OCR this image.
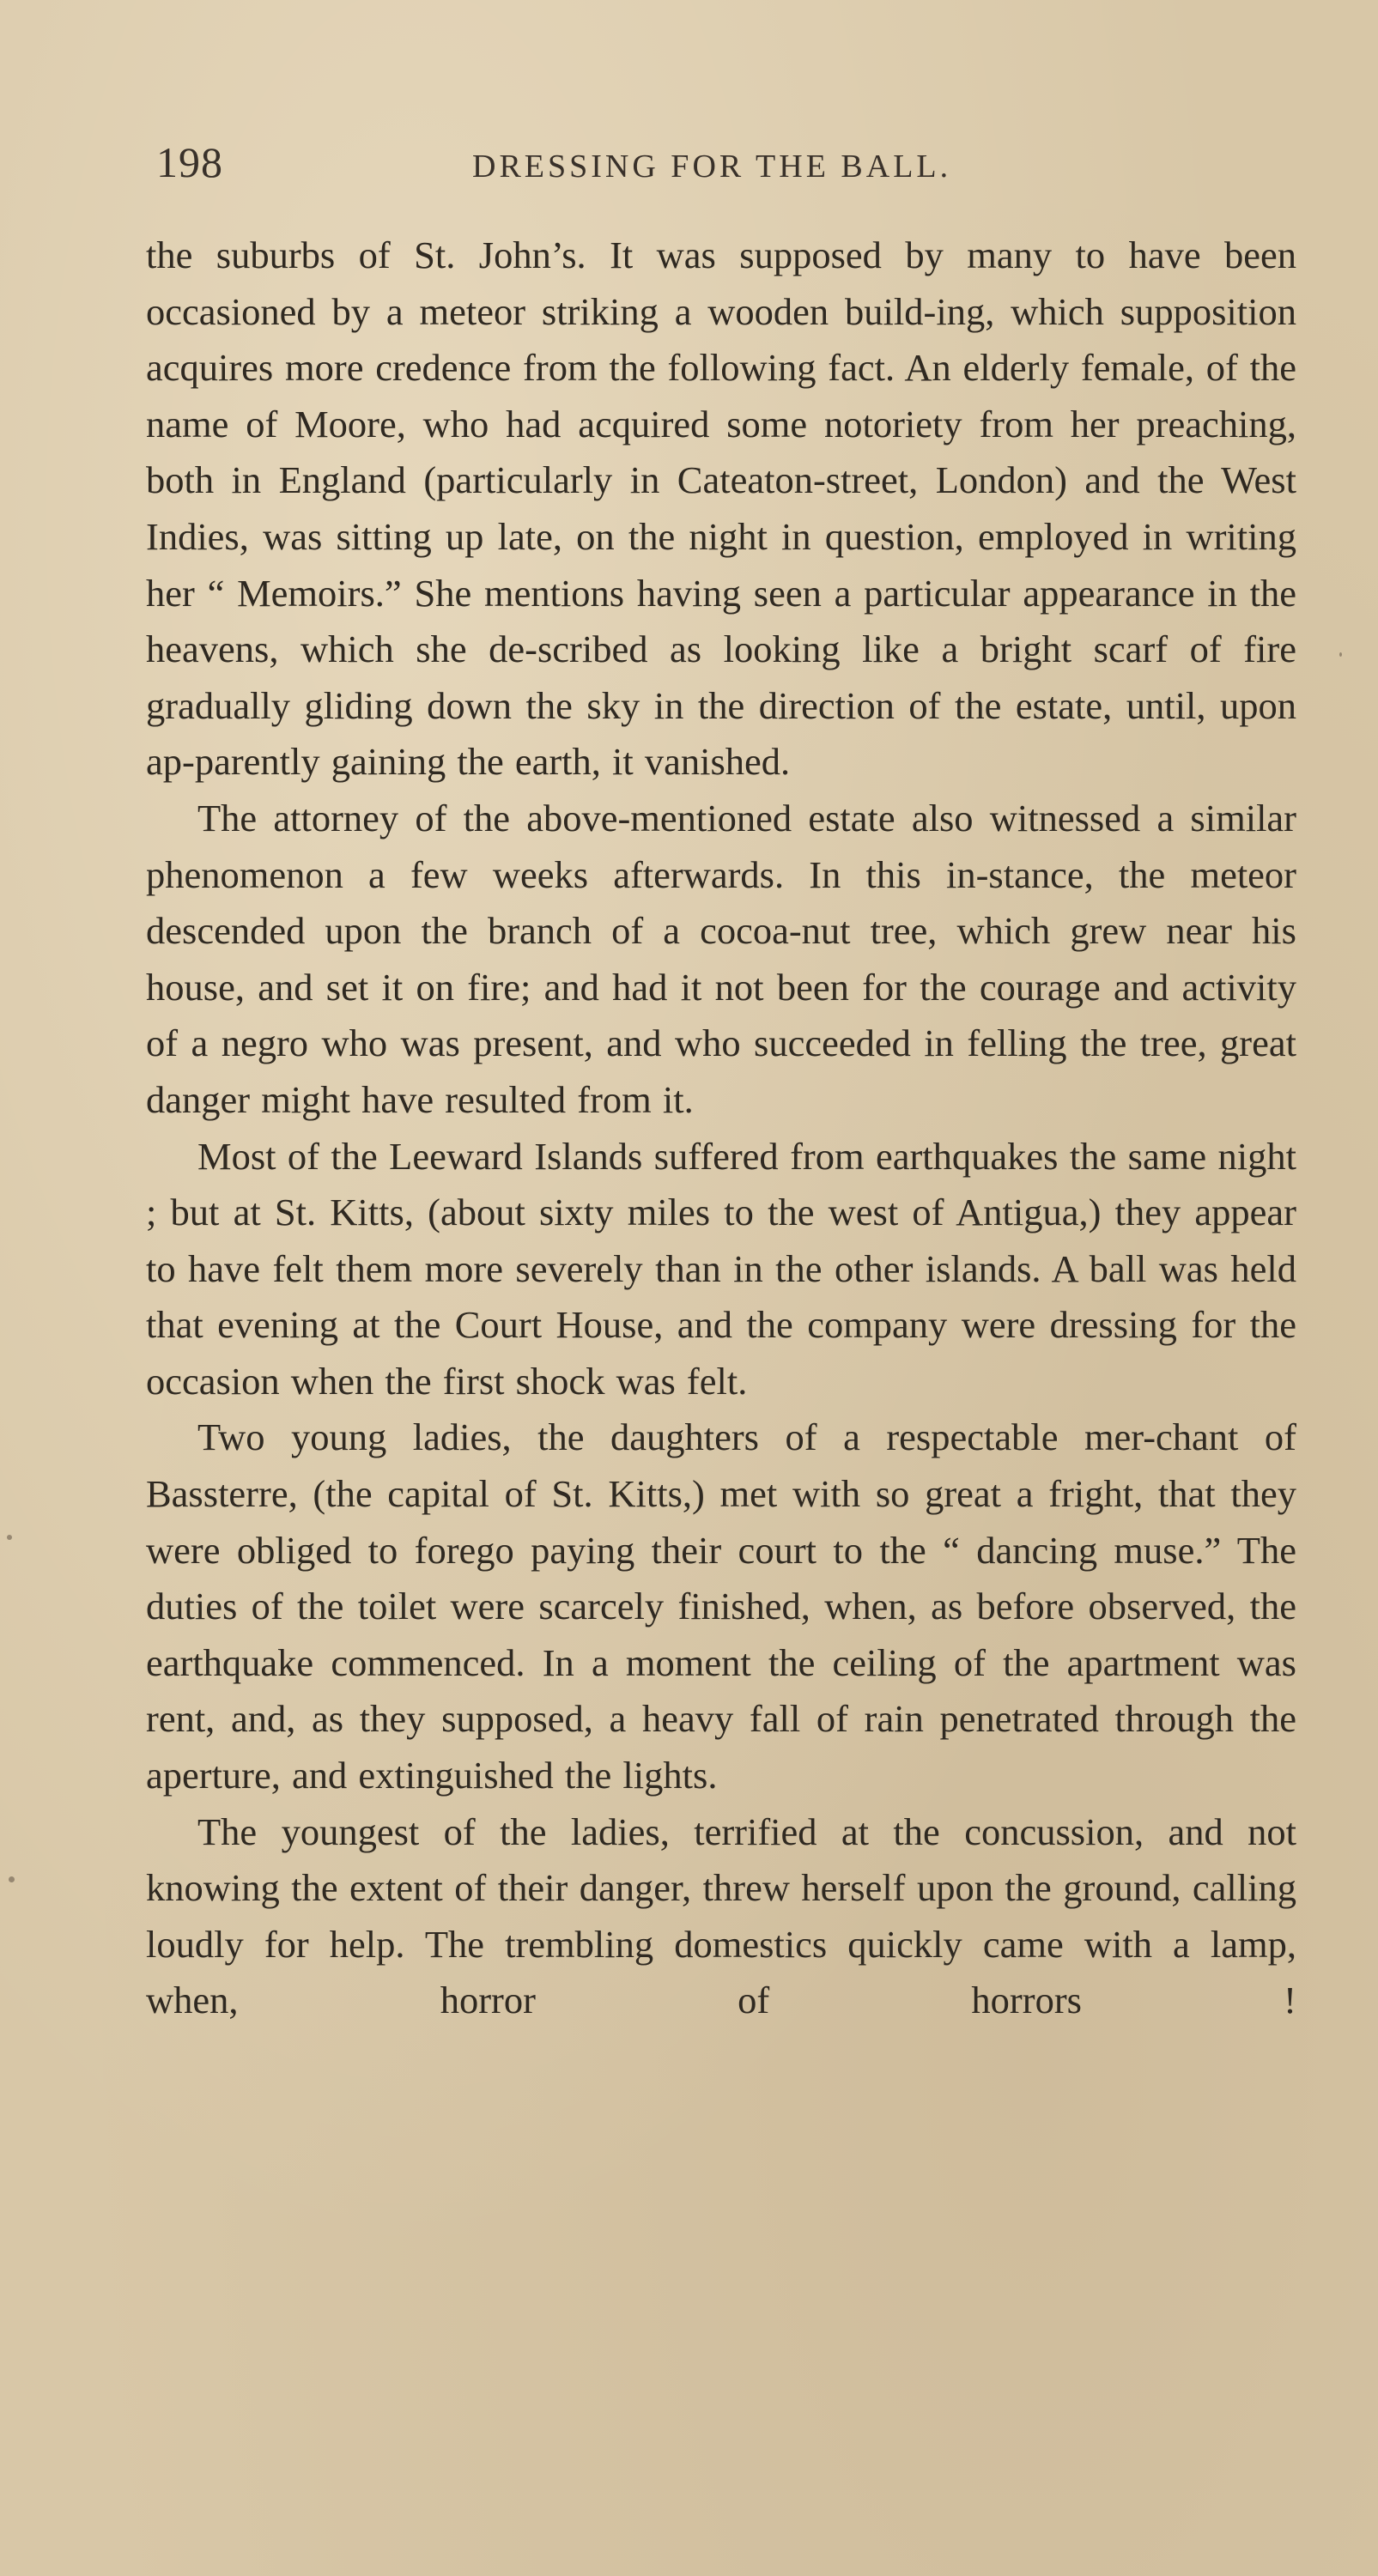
198	DRESSING FOR THE BALL.

the suburbs of St. John’s. It was supposed by many to have been occasioned by a meteor striking a wooden build-ing, which supposition acquires more credence from the following fact. An elderly female, of the name of Moore, who had acquired some notoriety from her preaching, both in England (particularly in Cateaton-street, London) and the West Indies, was sitting up late, on the night in question, employed in writing her “ Memoirs.” She mentions having seen a particular appearance in the heavens, which she de-scribed as looking like a bright scarf of fire gradually gliding down the sky in the direction of the estate, until, upon ap-parently gaining the earth, it vanished.

The attorney of the above-mentioned estate also witnessed a similar phenomenon a few weeks afterwards. In this in-stance, the meteor descended upon the branch of a cocoa-nut tree, which grew near his house, and set it on fire; and had it not been for the courage and activity of a negro who was present, and who succeeded in felling the tree, great danger might have resulted from it.

Most of the Leeward Islands suffered from earthquakes the same night ; but at St. Kitts, (about sixty miles to the west of Antigua,) they appear to have felt them more severely than in the other islands. A ball was held that evening at the Court House, and the company were dressing for the occasion when the first shock was felt.

Two young ladies, the daughters of a respectable mer-chant of Bassterre, (the capital of St. Kitts,) met with so great a fright, that they were obliged to forego paying their court to the “ dancing muse.” The duties of the toilet were scarcely finished, when, as before observed, the earthquake commenced. In a moment the ceiling of the apartment was rent, and, as they supposed, a heavy fall of rain penetrated through the aperture, and extinguished the lights.

The youngest of the ladies, terrified at the concussion, and not knowing the extent of their danger, threw herself upon the ground, calling loudly for help. The trembling domestics quickly came with a lamp, when, horror of horrors !
